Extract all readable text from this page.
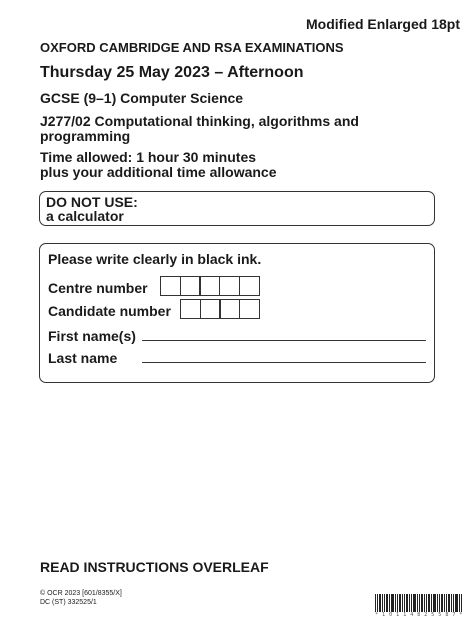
Modified Enlarged 18pt
OXFORD CAMBRIDGE AND RSA EXAMINATIONS
Thursday 25 May 2023 – Afternoon
GCSE (9–1) Computer Science
J277/02 Computational thinking, algorithms and
programming
Time allowed: 1 hour 30 minutes
plus your additional time allowance
DO NOT USE:
a calculator
Please write clearly in black ink.
Centre number
Candidate number
First name(s)
Last name
READ INSTRUCTIONS OVERLEAF
© OCR 2023 [601/8355/X]
DC (ST) 332525/1
* 1 0 1 1 4 8 2 5 5 8 7 *
